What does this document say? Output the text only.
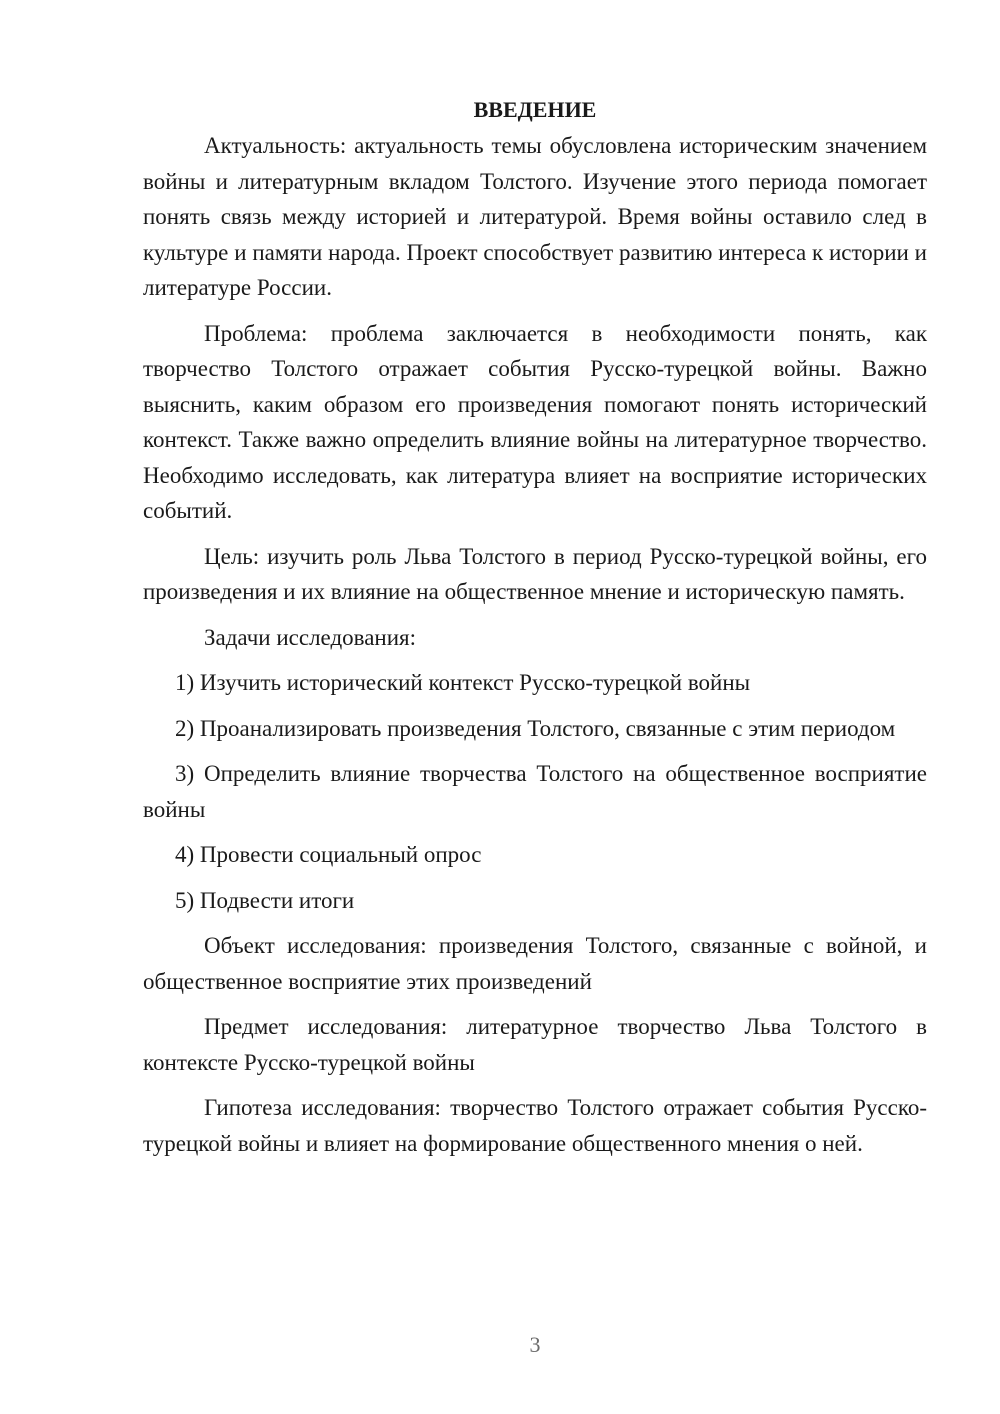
ВВЕДЕНИЕ

Актуальность: актуальность темы обусловлена историческим значением войны и литературным вкладом Толстого. Изучение этого периода помогает понять связь между историей и литературой. Время войны оставило след в культуре и памяти народа. Проект способствует развитию интереса к истории и литературе России.

Проблема: проблема заключается в необходимости понять, как творчество Толстого отражает события Русско-турецкой войны. Важно выяснить, каким образом его произведения помогают понять исторический контекст. Также важно определить влияние войны на литературное творчество. Необходимо исследовать, как литература влияет на восприятие исторических событий.

Цель: изучить роль Льва Толстого в период Русско-турецкой войны, его произведения и их влияние на общественное мнение и историческую память.

Задачи исследования:

1) Изучить исторический контекст Русско-турецкой войны

2) Проанализировать произведения Толстого, связанные с этим периодом

3) Определить влияние творчества Толстого на общественное восприятие войны

4) Провести социальный опрос

5) Подвести итоги

Объект исследования: произведения Толстого, связанные с войной, и общественное восприятие этих произведений

Предмет исследования: литературное творчество Льва Толстого в контексте Русско-турецкой войны

Гипотеза исследования: творчество Толстого отражает события Русско-турецкой войны и влияет на формирование общественного мнения о ней.

3
